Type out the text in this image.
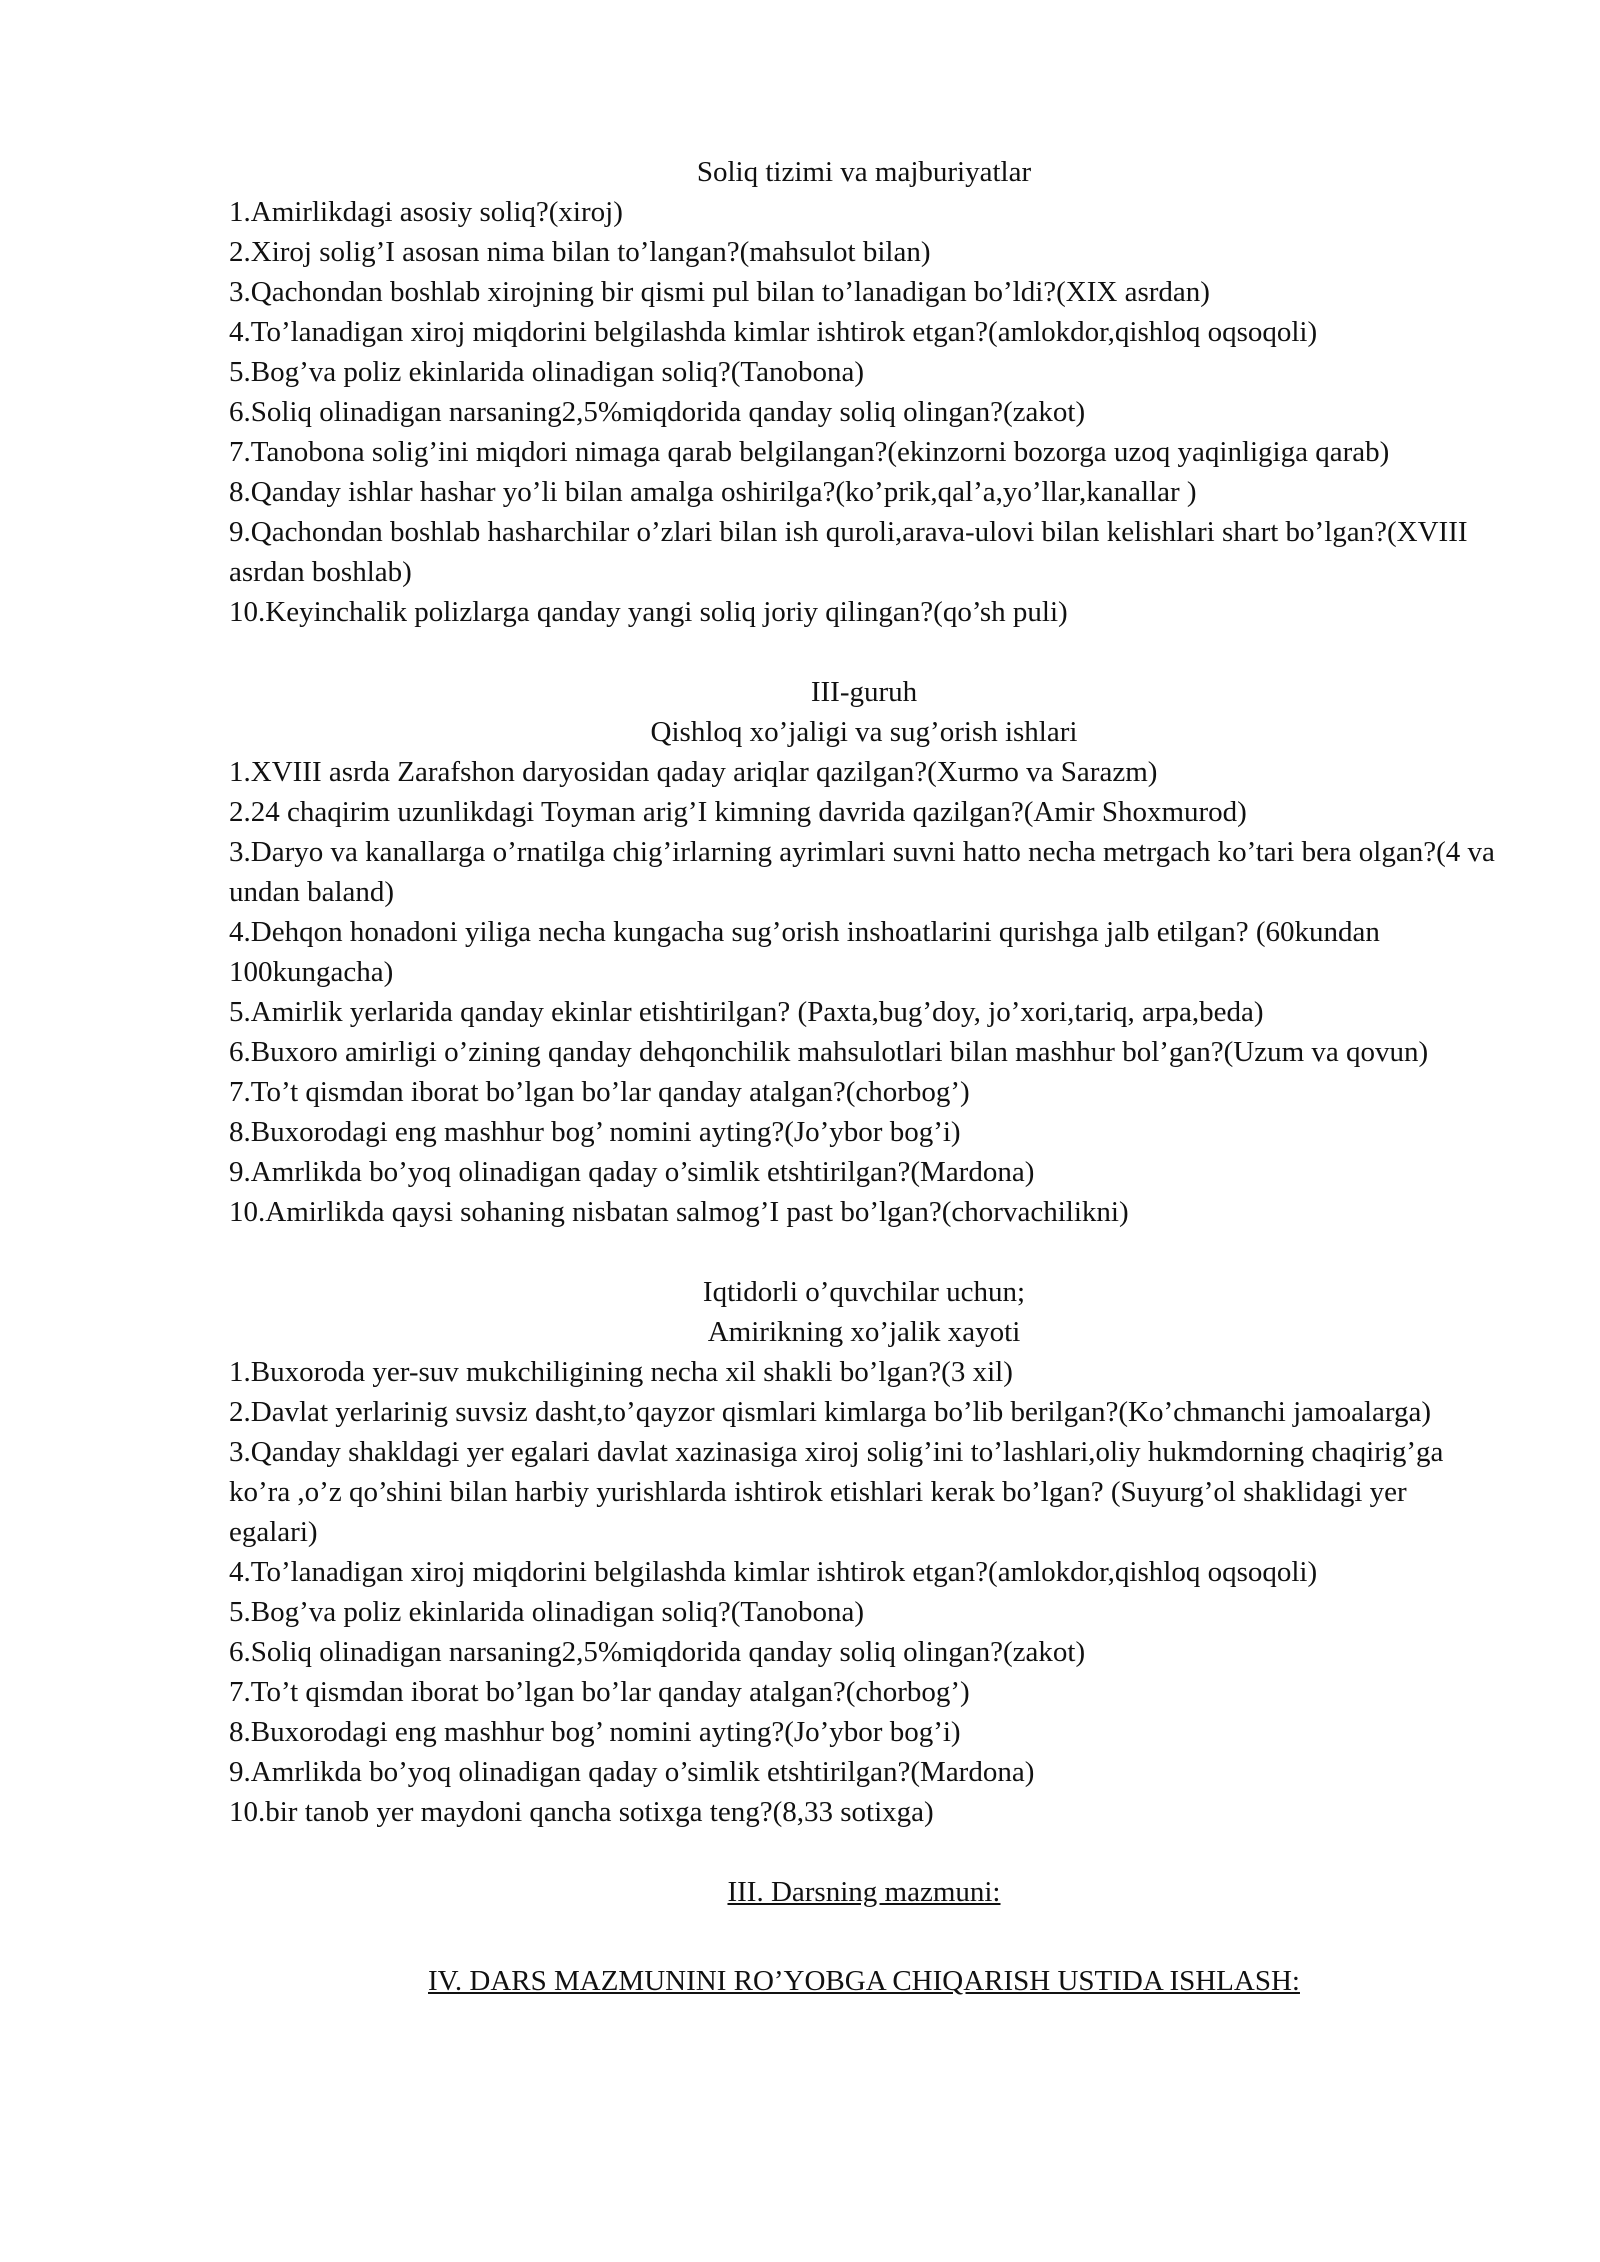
Soliq tizimi va majburiyatlar

1.Amirlikdagi asosiy soliq?(xiroj)

2.Xiroj solig’I asosan nima bilan to’langan?(mahsulot bilan)

3.Qachondan boshlab xirojning bir qismi pul bilan to’lanadigan bo’ldi?(XIX asrdan)

4.To’lanadigan xiroj miqdorini belgilashda kimlar ishtirok etgan?(amlokdor,qishloq oqsoqoli)

5.Bog’va poliz ekinlarida olinadigan soliq?(Tanobona)

6.Soliq olinadigan narsaning2,5%miqdorida qanday soliq olingan?(zakot)

7.Tanobona solig’ini miqdori nimaga qarab belgilangan?(ekinzorni bozorga uzoq yaqinligiga qarab)

8.Qanday ishlar hashar yo’li bilan amalga oshirilga?(ko’prik,qal’a,yo’llar,kanallar )

9.Qachondan boshlab hasharchilar o’zlari bilan ish quroli,arava-ulovi bilan kelishlari shart bo’lgan?(XVIII asrdan boshlab)

10.Keyinchalik polizlarga qanday yangi soliq joriy qilingan?(qo’sh puli)

III-guruh

Qishloq xo’jaligi va sug’orish ishlari

1.XVIII asrda Zarafshon daryosidan qaday ariqlar qazilgan?(Xurmo va Sarazm)

2.24 chaqirim uzunlikdagi Toyman arig’I kimning davrida qazilgan?(Amir Shoxmurod)

3.Daryo va kanallarga o’rnatilga chig’irlarning ayrimlari suvni hatto necha metrgach ko’tari bera olgan?(4 va undan baland)

4.Dehqon honadoni yiliga necha kungacha sug’orish inshoatlarini qurishga jalb etilgan? (60kundan 100kungacha)

5.Amirlik yerlarida qanday ekinlar etishtirilgan? (Paxta,bug’doy, jo’xori,tariq, arpa,beda)

6.Buxoro amirligi o’zining qanday dehqonchilik mahsulotlari bilan mashhur bol’gan?(Uzum va qovun)

7.To’t qismdan iborat bo’lgan bo’lar qanday atalgan?(chorbog’)

8.Buxorodagi eng mashhur bog’ nomini ayting?(Jo’ybor bog’i)

9.Amrlikda bo’yoq olinadigan qaday o’simlik etshtirilgan?(Mardona)

10.Amirlikda qaysi sohaning nisbatan salmog’I past bo’lgan?(chorvachilikni)

Iqtidorli o’quvchilar uchun;

Amirikning xo’jalik xayoti

1.Buxoroda yer-suv mukchiligining necha xil shakli bo’lgan?(3 xil)

2.Davlat yerlarinig suvsiz dasht,to’qayzor qismlari kimlarga bo’lib berilgan?(Ko’chmanchi jamoalarga)

3.Qanday shakldagi yer egalari davlat xazinasiga xiroj solig’ini to’lashlari,oliy hukmdorning chaqirig’ga ko’ra ,o’z qo’shini bilan harbiy yurishlarda ishtirok etishlari kerak bo’lgan? (Suyurg’ol shaklidagi yer egalari)

4.To’lanadigan xiroj miqdorini belgilashda kimlar ishtirok etgan?(amlokdor,qishloq oqsoqoli)

5.Bog’va poliz ekinlarida olinadigan soliq?(Tanobona)

6.Soliq olinadigan narsaning2,5%miqdorida qanday soliq olingan?(zakot)

7.To’t qismdan iborat bo’lgan bo’lar qanday atalgan?(chorbog’)

8.Buxorodagi eng mashhur bog’ nomini ayting?(Jo’ybor bog’i)

9.Amrlikda bo’yoq olinadigan qaday o’simlik etshtirilgan?(Mardona)

10.bir tanob yer maydoni qancha sotixga teng?(8,33 sotixga)

III. Darsning mazmuni:

IV. DARS MAZMUNINI RO’YOBGA CHIQARISH USTIDA ISHLASH:
